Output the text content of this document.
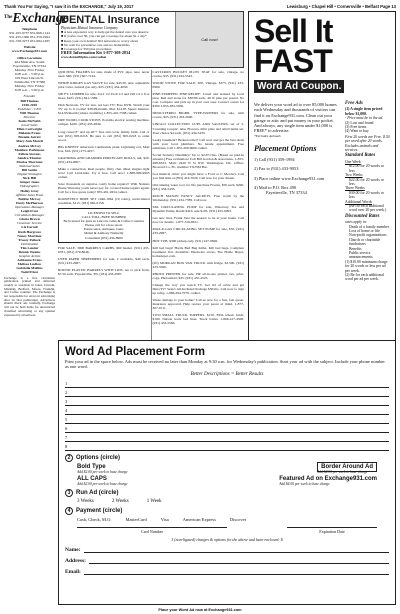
Thank You For Saying, "I saw it in the EXCHANGE," July 19, 2017	Lewisburg • Chapel Hill • Cornersville • Belfast Page 13
$^{The}$Exchange
Telephone
931-455-9737 931-968-1144
931-455-1366 931-359-1994
931-728-3273 931-684-1285
Website
www.Exchange931.com
Office Locations
404 Main Ave. South
Fayetteville, TN 37334
Monday Thru Friday
8:00 a.m. - 5:00 p.m.
109 West Lincoln St.
Tullahoma, TN 37388
Monday Thru Friday
8:00 a.m. - 5:00 p.m.
Founder
Bill Thomas
1940-2010
Publisher / CEO
Will Thomas
Director
Katie McNabb
Local Sales
Ellen Cartwright
Melanie Evans
Brenda Jarrett
Mary Ann Morell
Andrea McCoy
Matthew Parkinson
Felicia Stevens
Sandra Thomas
Marisa Thornton
National Sales
Bill Sartin
Digital Strategist
Nick Hill
Ginger Jones
Videographer
Holley Gray
affiliate Sales Team
Bobbie McCoy
Dusty McPherson
Operations Manager
Leigh Frost
Circulation Manager
Gloria Brown
Customer Service
Liz Farrell
Ruth Hargrove
Nancy Martinez
Tracey Pollock
Distribution
Tim Lauder
Dennis Weems
Graphic Artists
Adrianna Evans
Melissa Ludlow
Gabrielle Mullins
Todd Priest
Exchange is a free circulation publication printed and delivered weekly to residents in Giles, Lincoln, Marshall, Bedford, Moore, Franklin, and Coffee counties. The Exchange is not responsible for errors in advertising after its first publication. Advertisers should check ads carefully. Exchange will not be held liable for unrestricted classified advertising or any opinion expressed by advertisers.
DENTAL Insurance
Physicians Mutual Insurance Company
■ A less expensive way to help get the dental care you deserve
■ If you're over 50, you can get coverage for about $1 a day*
■ Keep your own dentist! NO networks to worry about
■ No wait for preventive care and no deductibles
■ Coverage for 350 plus procedures
FREE Information Kit 1-877-308-2834
www.dental50plus.com/cadnet
Call now!

QUILTING FRAMES for sale, made of PVC pipe, new, never used. $60. (931) 607-7144.

WHITE RIDGES GAS VALVE for sale, $45.50. Also adjustable pilot valve, natural gas only, $25. (931) 434-4050.

500 FT. LUMBER for sale, 2x12 1/2 2x10 1/2 and 2x8 1/2 x 8 or more, $2/ft. (931) 841-1589.

Dish Network. TV for less, not less TV! Free DVR. Watch your TV up to 6 rooms! $39.99/month. Plus $14.95 Speed Internet. $14.95/month (where available) 1-855-410-7598 cadnet.

DRY WOOD, COOK STOVE, Portable electric sewing machine, camper, $100. (931) 433-2840.

Long cured 8" and up 40"+ free and cover family farm. Call or text (931) 805-0218. Be sure to call (931) 805-0218 to order wood.

BIG KNEESY American Candlestick plant, Lightning rod, Mail box, $16. (931) 273-4257.

GRANDMA AND GRANDPA PORCELAIN DOLLS, tall, $20. (931) 434-0007.

Make a connection. Real people, flirty chat. Meet singles right now! Call LiveLinks. Try it free. Call now! 1-888-909-9905 cadnet.

Save thousands on surprise costly home repairs!! With Nations Home Warranty you'll never pay for covered home repairs again! Call for a free quote today! 855-491-9454 cadnet.

ROOSEVELT DIME SET 1946-1964 (19 coins), uncirculated condition, $115. (931) 962-0158.

LICENSED TO SELL
CALL TOLL-FREE NUMBER
Be licensed for guns in Lincoln, Giles & Coffee Counties
Please call for a free quote
Estate sales, Antiques, Guns
Mabel & Anthony Nunnelly
Consultant (931) 434-8900

FOR SALE, 3000 BARRELS CARBS, $60 bushel. (931) 455-6781, (931) 279-8646.

USED PAPER SHREDDERS for sale, 2 available, $40 each. (931) 433-2987.

ROUND PLASTIC BARRELS WITH LIDS, ten to pick from, $7.50 each. Fayetteville, TN. (931) 433-2987.

CAST-IRON BUCKET PLOW SEAT for sale, vintage, no cracks, $35. (931) 434-5543.

WOOD STOVE FOR SALE, 200, Vintage, $375. (931) 433-0900.

PINE-STRIPPED PINE-RELIEF. Cured and stained by local pine, Red and stone for $30/80 each, 40 lb pine per pound. No cost. Compare and pick up in your own area. Contact owner for $300 1-855-835-5950.

DINO-STEREO BIGBIL TYPE-WRITERS for sale, with covers, $25. (931) 433-2040.

LINGCO COLLECTION CUPS AND SAUCERS, set of 5, 'Counting Couple'. Also Flowers, mint plate and small items set. Your choice $4 each. (931) 434-5433.

Leaky basement? Broken toilet? Call now and get the best deals with your local plumbers. No hassle appointment. Free estimates. Call 1-855-200-9000 cadnet.

Social Security Disability? Up to $2,671/mo. (Based on paid-in amount.) Free evaluation! Call Bill Gordon & Associates. 1-855-498-6323. Mail: 2420 N St NW, Washington, DC. Office: Broward Co. FL, member TX/NM Bar.

Got medical clinic you might have a Ford or C Mercury. Call you find time at (855) 416-7020. Call now for your dream.

Old running water tool, for life purchase Frozen, $50 each, $200. (931) 434-5433.

PATCH MASON FANCY JACKETS. Free worth by the Wednesday. (931) 434-7788. Call now.

SPA CIRCULATING PUMP for sale, Waterway 3ea and Dynamic Pump. Retail $419, sale $195. (931) 455-0093.

Get new tires. Frank Vest the nearest to be at your home. Call now for details. 1-877-316-8611.

MAX-E-GAS CIRCULATING SET PUMP for sale, $35. (931) 433-2987.

HOT TUB, $300 pickup only. (931) 247-9826.

Kill bed bugs! Harris Bed Bug Killer. Kill bed bugs. Complete treatment. Kit. Available: Hardware stores, The Home Depot, homedepot.com.

(2ft) MORGAN BOX VAN TRUCK with fridge, $2,500. (931) 433-5566.

PHOTO PRINTER for sale, HP all-in-one printer, fax, print, copy, Photosmart, $35. (931) 455-4523.

Change the way you watch TV. Get rid of cable and get DirecTV! Select All-Included Package $50/mo. Call now to sign up today, 1-866-294-7079. cadnet.

Waste damage to your home? Call us now for a free, fast quote. Insurance approved. Help restore your peace of mind. 1-877-307-0711.

TWO SMALL TRUCK TOPPERS. $150. Fifth wheel, hitch, $100. Nelson track bed liner. Truck trailer. 1-866-417-4508. (931) 433-5566.

Sell It
FAST
Word Ad Coupon.
We deliver your word ad to over 85,000 homes each Wednesday and thousands of visitors can find it on Exchange931.com. Clean out your garage or attic and put money in your pocket. And always, any single item under $1,000 is FREE* to advertise.
*Excludes Animals
Placement Options
1) Call (931) 359-1994
2) Fax to (931) 433-9053
3) Place online www.Exchange931.com
4) Mail to P.O. Box 490
Fayetteville, TN 37334
Free Ads
(1) A single item priced below $1,000.
- Price must be in the ad.
(2) Lost and found
(3) Free items
(4) Want to buy
First 20 words are Free. $.50 per word after 20 words. Excludes animals and services.
Standard Rates
One Week
$12.00 for 20 words or less
Two Weeks
$22.00 for 20 words or less
Three Weeks
$30.00 for 20 words or less
Additional Words
(Be for each additional word over 20 per week.)
Discounted Rates
rates apply to:
Death of a family member
Loss of home or life
Non-profit organizations
Church or charitable fundraisers
Benefits
Public service announcements
(1) $10.00 minimum charge for 20 words or less per ad per week.
(2) Be for each additional word per ad per week.
Word Ad Placement Form
Print your ad in the space below. Ads must be received no later than Monday at 9:30 a.m. for Wednesday's publication. Start your ad with the subject. Include your phone number as one word.
Better Descriptions = Better Results
1
2
3
4
5
6
7
8
2 Options (circle)
Bold Type
Add $2.00 per week to base charge
Border Around Ad
Add $2.00 per week to base charge
ALL CAPS
Add $2.00 per week to base charge
Featured Ad on Exchange931.com
Add $4.00 per week to base charge
3 Run Ad (circle)
3 Weeks	2 Weeks	1 Week
4 Payment (circle)
Cash, Check, M.O.	MasterCard	Visa	American Express	Discover
Card Number	Expiration Date
3 (non-ligated) charges & options for the above and have enclosed: $
Name:
Address:
Email:
Place your Word Ad now at Exchange931.com
